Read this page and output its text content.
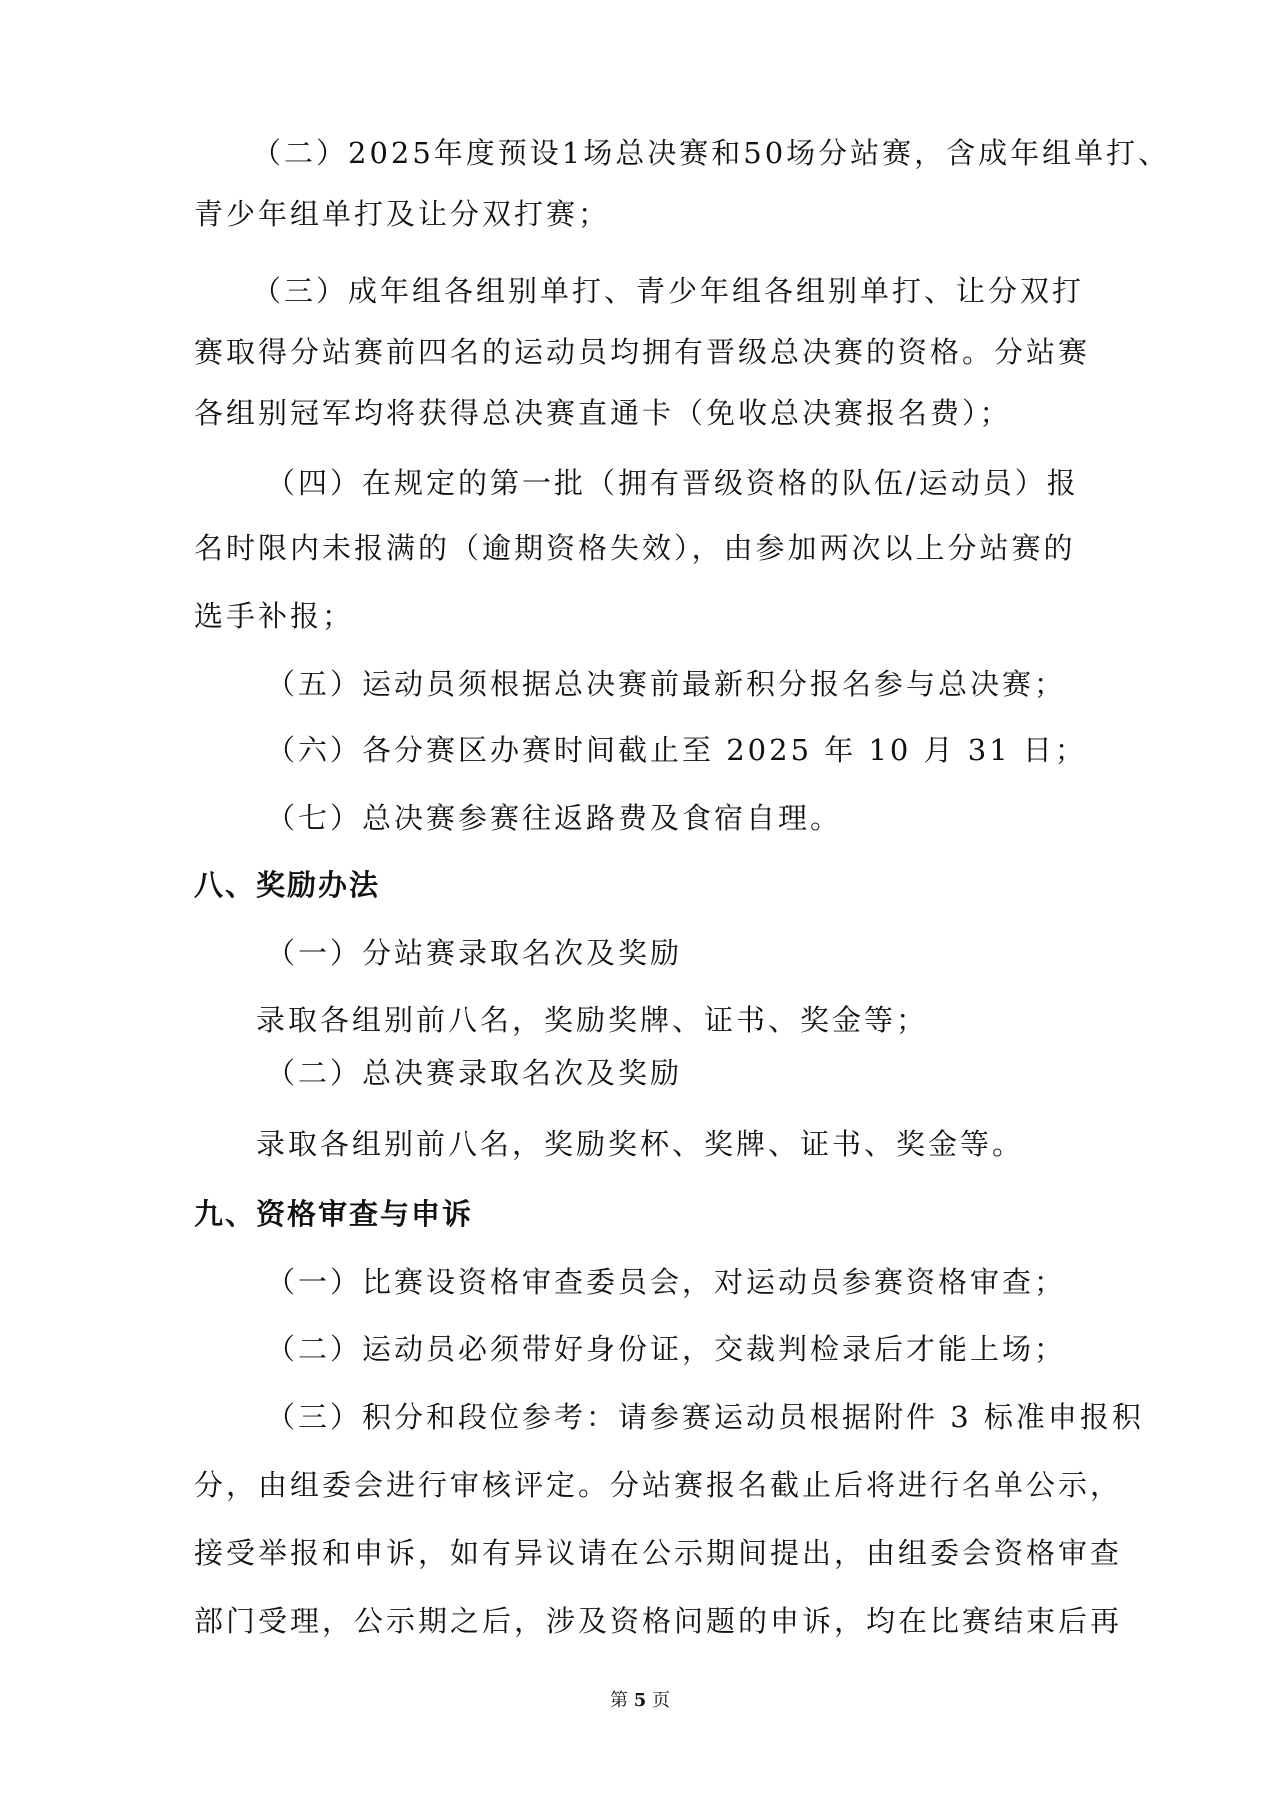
（二）2025年度预设1场总决赛和50场分站赛，含成年组单打、
青少年组单打及让分双打赛；
（三）成年组各组别单打、青少年组各组别单打、让分双打
赛取得分站赛前四名的运动员均拥有晋级总决赛的资格。分站赛
各组别冠军均将获得总决赛直通卡（免收总决赛报名费）；
（四）在规定的第一批（拥有晋级资格的队伍/运动员）报
名时限内未报满的（逾期资格失效），由参加两次以上分站赛的
选手补报；
（五）运动员须根据总决赛前最新积分报名参与总决赛；
（六）各分赛区办赛时间截止至 2025 年 10 月 31 日；
（七）总决赛参赛往返路费及食宿自理。
八、奖励办法
（一）分站赛录取名次及奖励
录取各组别前八名，奖励奖牌、证书、奖金等；
（二）总决赛录取名次及奖励
录取各组别前八名，奖励奖杯、奖牌、证书、奖金等。
九、资格审查与申诉
（一）比赛设资格审查委员会，对运动员参赛资格审查；
（二）运动员必须带好身份证，交裁判检录后才能上场；
（三）积分和段位参考：请参赛运动员根据附件 3 标准申报积
分，由组委会进行审核评定。分站赛报名截止后将进行名单公示，
接受举报和申诉，如有异议请在公示期间提出，由组委会资格审查
部门受理，公示期之后，涉及资格问题的申诉，均在比赛结束后再
第 5 页
